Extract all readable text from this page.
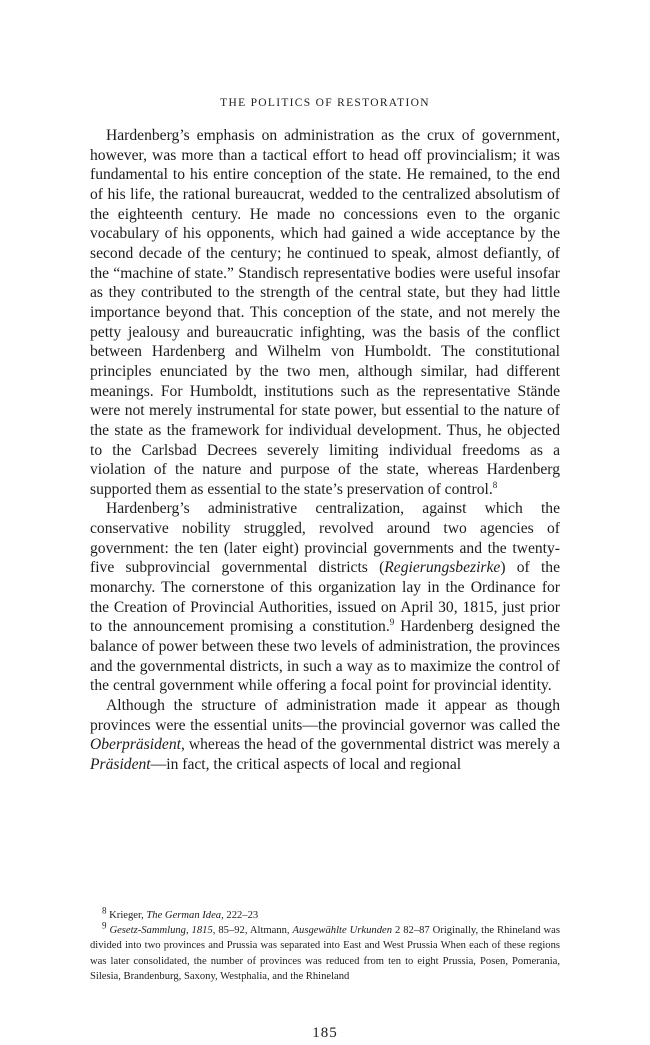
THE POLITICS OF RESTORATION

Hardenberg’s emphasis on administration as the crux of government, however, was more than a tactical effort to head off provincialism; it was fundamental to his entire conception of the state. He remained, to the end of his life, the rational bureaucrat, wedded to the centralized absolutism of the eighteenth century. He made no concessions even to the organic vocabulary of his opponents, which had gained a wide acceptance by the second decade of the century; he continued to speak, almost defiantly, of the “machine of state.” Standisch representative bodies were useful insofar as they contributed to the strength of the central state, but they had little importance beyond that. This conception of the state, and not merely the petty jealousy and bureaucratic infighting, was the basis of the conflict between Hardenberg and Wilhelm von Humboldt. The constitutional principles enunciated by the two men, although similar, had different meanings. For Humboldt, institutions such as the representative Stände were not merely instrumental for state power, but essential to the nature of the state as the framework for individual development. Thus, he objected to the Carlsbad Decrees severely limiting individual freedoms as a violation of the nature and purpose of the state, whereas Hardenberg supported them as essential to the state’s preservation of control.$^8$

Hardenberg’s administrative centralization, against which the conservative nobility struggled, revolved around two agencies of government: the ten (later eight) provincial governments and the twenty-five subprovincial governmental districts (Regierungsbezirke) of the monarchy. The cornerstone of this organization lay in the Ordinance for the Creation of Provincial Authorities, issued on April 30, 1815, just prior to the announcement promising a constitution.$^9$ Hardenberg designed the balance of power between these two levels of administration, the provinces and the governmental districts, in such a way as to maximize the control of the central government while offering a focal point for provincial identity.

Although the structure of administration made it appear as though provinces were the essential units—the provincial governor was called the Oberpräsident, whereas the head of the governmental district was merely a Präsident—in fact, the critical aspects of local and regional

$^8$ Krieger, The German Idea, 222–23

$^9$ Gesetz-Sammlung, 1815, 85–92, Altmann, Ausgewählte Urkunden 2 82–87 Originally, the Rhineland was divided into two provinces and Prussia was separated into East and West Prussia When each of these regions was later consolidated, the number of provinces was reduced from ten to eight Prussia, Posen, Pomerania, Silesia, Brandenburg, Saxony, Westphalia, and the Rhineland

185
